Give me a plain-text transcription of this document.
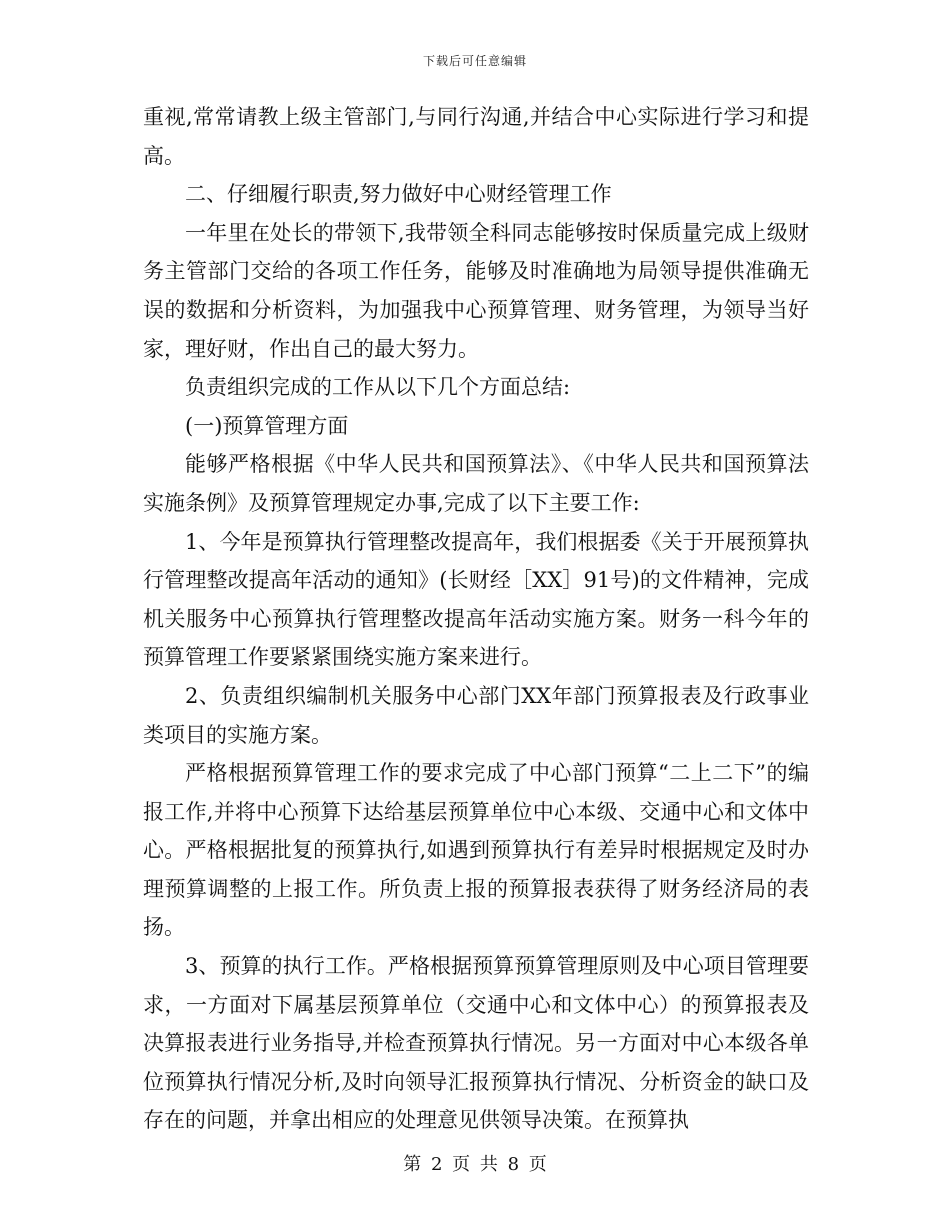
下载后可任意编辑

重视,常常请教上级主管部门,与同行沟通,并结合中心实际进行学习和提高。

二、仔细履行职责,努力做好中心财经管理工作

一年里在处长的带领下,我带领全科同志能够按时保质量完成上级财务主管部门交给的各项工作任务，能够及时准确地为局领导提供准确无误的数据和分析资料，为加强我中心预算管理、财务管理，为领导当好家，理好财，作出自己的最大努力。

负责组织完成的工作从以下几个方面总结:

(一)预算管理方面

能够严格根据《中华人民共和国预算法》、《中华人民共和国预算法实施条例》及预算管理规定办事,完成了以下主要工作:

1、今年是预算执行管理整改提高年，我们根据委《关于开展预算执行管理整改提高年活动的通知》(长财经［XX］91号)的文件精神，完成机关服务中心预算执行管理整改提高年活动实施方案。财务一科今年的预算管理工作要紧紧围绕实施方案来进行。

2、负责组织编制机关服务中心部门XX年部门预算报表及行政事业类项目的实施方案。

严格根据预算管理工作的要求完成了中心部门预算“二上二下”的编报工作,并将中心预算下达给基层预算单位中心本级、交通中心和文体中心。严格根据批复的预算执行,如遇到预算执行有差异时根据规定及时办理预算调整的上报工作。所负责上报的预算报表获得了财务经济局的表扬。

3、预算的执行工作。严格根据预算预算管理原则及中心项目管理要求，一方面对下属基层预算单位（交通中心和文体中心）的预算报表及决算报表进行业务指导,并检查预算执行情况。另一方面对中心本级各单位预算执行情况分析,及时向领导汇报预算执行情况、分析资金的缺口及存在的问题，并拿出相应的处理意见供领导决策。在预算执

第 2 页 共 8 页
